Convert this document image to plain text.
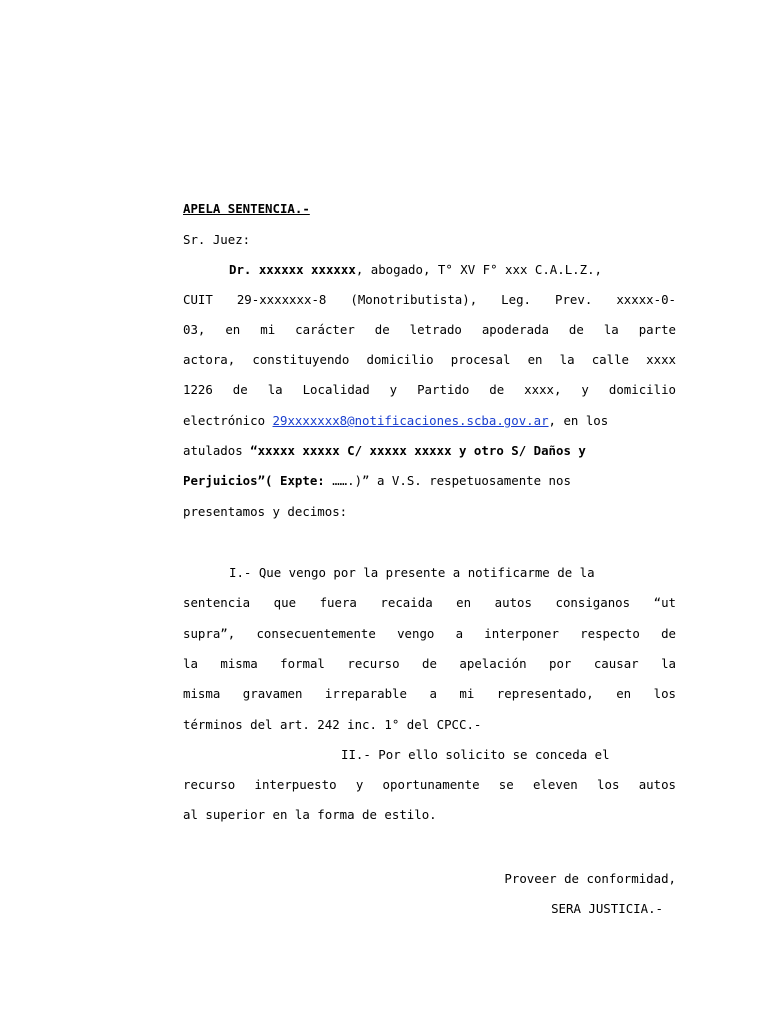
APELA SENTENCIA.-
Sr. Juez:
Dr. xxxxxx xxxxxx, abogado, T° XV F° xxx C.A.L.Z.,
CUIT 29-xxxxxxx-8 (Monotributista), Leg. Prev. xxxxx-0-
03, en mi carácter de letrado apoderada de la parte
actora, constituyendo domicilio procesal en la calle xxxx
1226 de la Localidad y Partido de xxxx, y domicilio
electrónico 29xxxxxxx8@notificaciones.scba.gov.ar, en los
atulados “xxxxx xxxxx C/ xxxxx xxxxx y otro S/ Daños y
Perjuicios”( Expte: …….)” a V.S. respetuosamente nos
presentamos y decimos:
I.- Que vengo por la presente a notificarme de la
sentencia que fuera recaida en autos consiganos “ut
supra”, consecuentemente vengo a interponer respecto de
la misma formal recurso de apelación por causar la
misma gravamen irreparable a mi representado, en los
términos del art. 242 inc. 1° del CPCC.-
II.- Por ello solicito se conceda el
recurso interpuesto y oportunamente se eleven los autos
al superior en la forma de estilo.
Proveer de conformidad,
SERA JUSTICIA.-
